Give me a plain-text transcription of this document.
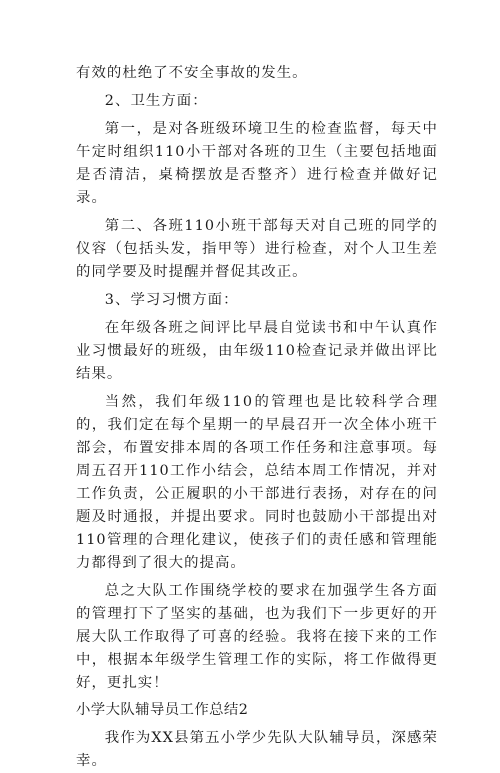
有效的杜绝了不安全事故的发生。

2、卫生方面：

第一，是对各班级环境卫生的检查监督，每天中午定时组织110小干部对各班的卫生（主要包括地面是否清洁，桌椅摆放是否整齐）进行检查并做好记录。

第二、各班110小班干部每天对自己班的同学的仪容（包括头发，指甲等）进行检查，对个人卫生差的同学要及时提醒并督促其改正。

3、学习习惯方面：

在年级各班之间评比早晨自觉读书和中午认真作业习惯最好的班级，由年级110检查记录并做出评比结果。

当然，我们年级110的管理也是比较科学合理的，我们定在每个星期一的早晨召开一次全体小班干部会，布置安排本周的各项工作任务和注意事项。每周五召开110工作小结会，总结本周工作情况，并对工作负责，公正履职的小干部进行表扬，对存在的问题及时通报，并提出要求。同时也鼓励小干部提出对110管理的合理化建议，使孩子们的责任感和管理能力都得到了很大的提高。

总之大队工作围绕学校的要求在加强学生各方面的管理打下了坚实的基础，也为我们下一步更好的开展大队工作取得了可喜的经验。我将在接下来的工作中，根据本年级学生管理工作的实际，将工作做得更好，更扎实！

小学大队辅导员工作总结2

我作为XX县第五小学少先队大队辅导员，深感荣幸。
